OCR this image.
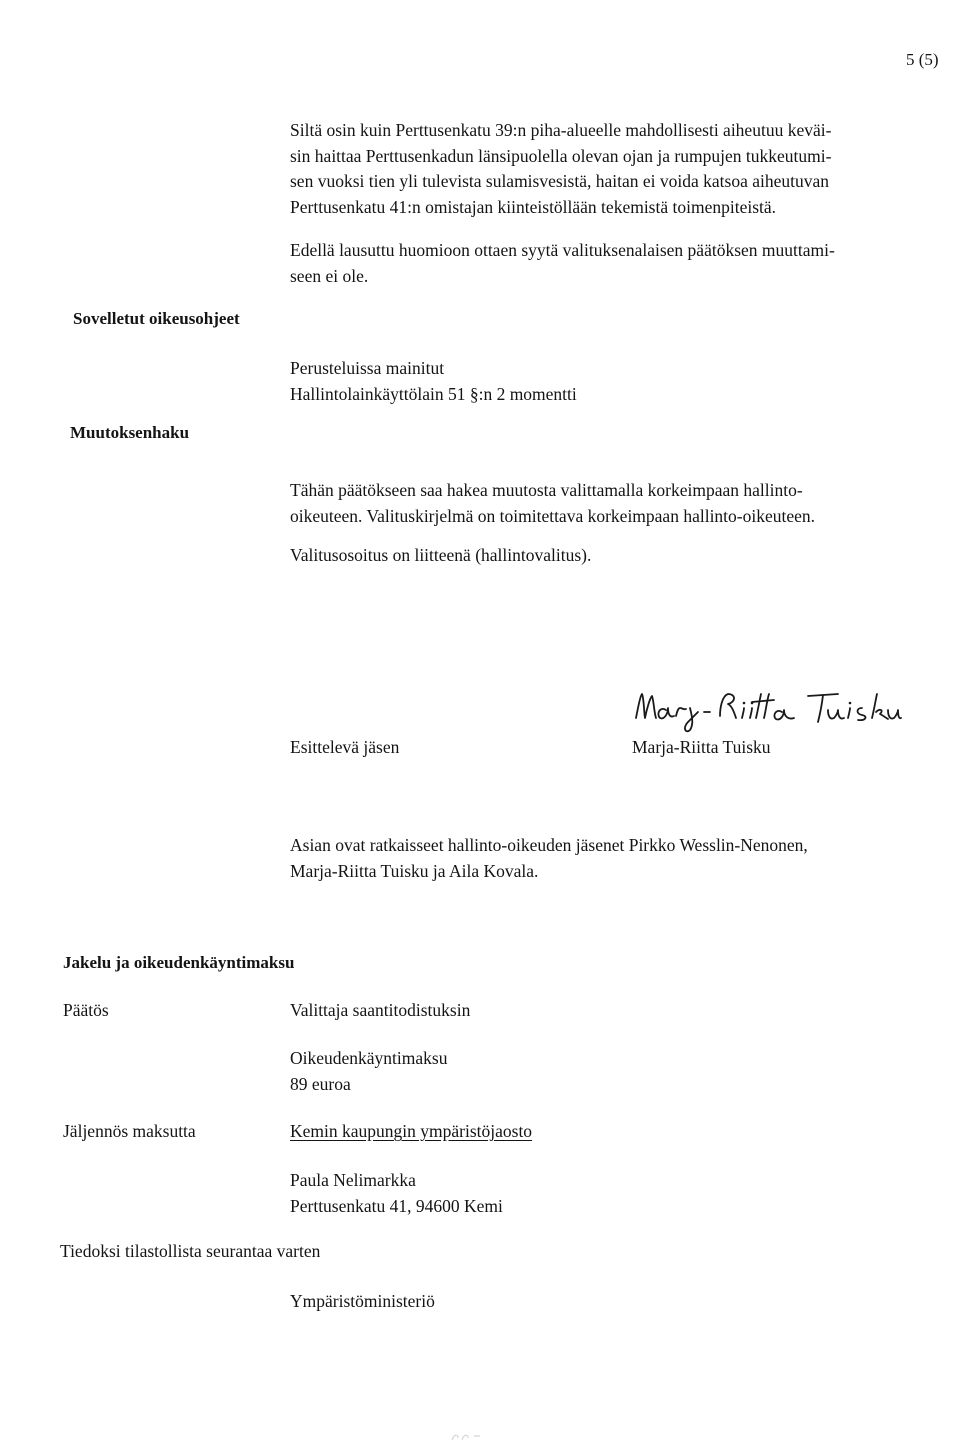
5 (5)
Siltä osin kuin Perttusenkatu 39:n piha-alueelle mahdollisesti aiheutuu keväi-
sin haittaa Perttusenkadun länsipuolella olevan ojan ja rumpujen tukkeutumi-
sen vuoksi tien yli tulevista sulamisvesistä, haitan ei voida katsoa aiheutuvan
Perttusenkatu 41:n omistajan kiinteistöllään tekemistä toimenpiteistä.
Edellä lausuttu huomioon ottaen syytä valituksenalaisen päätöksen muuttami-
seen ei ole.
Sovelletut oikeusohjeet
Perusteluissa mainitut
Hallintolainkäyttölain 51 §:n 2 momentti
Muutoksenhaku
Tähän päätökseen saa hakea muutosta valittamalla korkeimpaan hallinto-
oikeuteen. Valituskirjelmä on toimitettava korkeimpaan hallinto-oikeuteen.
Valitusosoitus on liitteenä (hallintovalitus).
Esittelevä jäsen	Marja-Riitta Tuisku
Asian ovat ratkaisseet hallinto-oikeuden jäsenet Pirkko Wesslin-Nenonen,
Marja-Riitta Tuisku ja Aila Kovala.
Jakelu ja oikeudenkäyntimaksu
Päätös	Valittaja saantitodistuksin
Oikeudenkäyntimaksu
89 euroa
Jäljennös maksutta	Kemin kaupungin ympäristöjaosto
Paula Nelimarkka
Perttusenkatu 41, 94600 Kemi
Tiedoksi tilastollista seurantaa varten
Ympäristöministeriö
